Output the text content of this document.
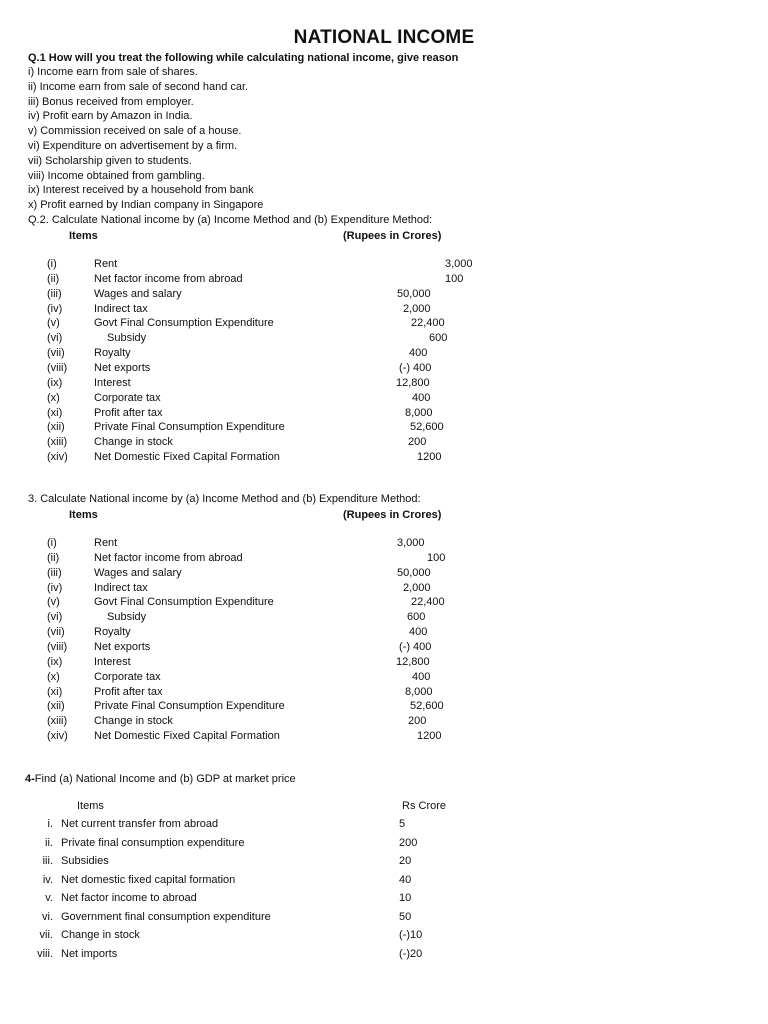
NATIONAL INCOME
Q.1 How will you treat the following while calculating national income, give reason
i) Income earn from sale of shares.
ii) Income earn from sale of second hand car.
iii) Bonus received from employer.
iv) Profit earn by Amazon in India.
v) Commission received on sale of a house.
vi) Expenditure on advertisement by a firm.
vii) Scholarship given to students.
viii) Income obtained from gambling.
ix) Interest received by a household from bank
x) Profit earned by Indian company in Singapore
Q.2. Calculate National income by (a) Income Method and (b) Expenditure Method:
Items	(Rupees in Crores)
(i)	Rent	3,000
(ii)	Net factor income from abroad	100
(iii)	Wages and salary	50,000
(iv)	Indirect tax	2,000
(v)	Govt Final Consumption Expenditure	22,400
(vi)	Subsidy	600
(vii)	Royalty	400
(viii) Net exports	(-) 400
(ix)	Interest	12,800
(x)	Corporate tax	400
(xi)	Profit after tax	8,000
(xii)	Private Final Consumption Expenditure	52,600
(xiii) Change in stock	200
(xiv) Net Domestic Fixed Capital Formation	1200
3. Calculate National income by (a) Income Method and (b) Expenditure Method:
Items	(Rupees in Crores)
(i)	Rent	3,000
(ii)	Net factor income from abroad	100
(iii)	Wages and salary	50,000
(iv)	Indirect tax	2,000
(v)	Govt Final Consumption Expenditure	22,400
(vi)	Subsidy	600
(vii)	Royalty	400
(viii) Net exports	(-) 400
(ix)	Interest	12,800
(x)	Corporate tax	400
(xi)	Profit after tax	8,000
(xii)	Private Final Consumption Expenditure	52,600
(xiii) Change in stock	200
(xiv) Net Domestic Fixed Capital Formation	1200
4-Find (a) National Income and (b) GDP at market price
Items	Rs Crore
i. Net current transfer from abroad	5
ii. Private final consumption expenditure	200
iii. Subsidies	20
iv. Net domestic fixed capital formation	40
v. Net factor income to abroad	10
vi. Government final consumption expenditure	50
vii. Change in stock	(-)10
viii. Net imports	(-)20
